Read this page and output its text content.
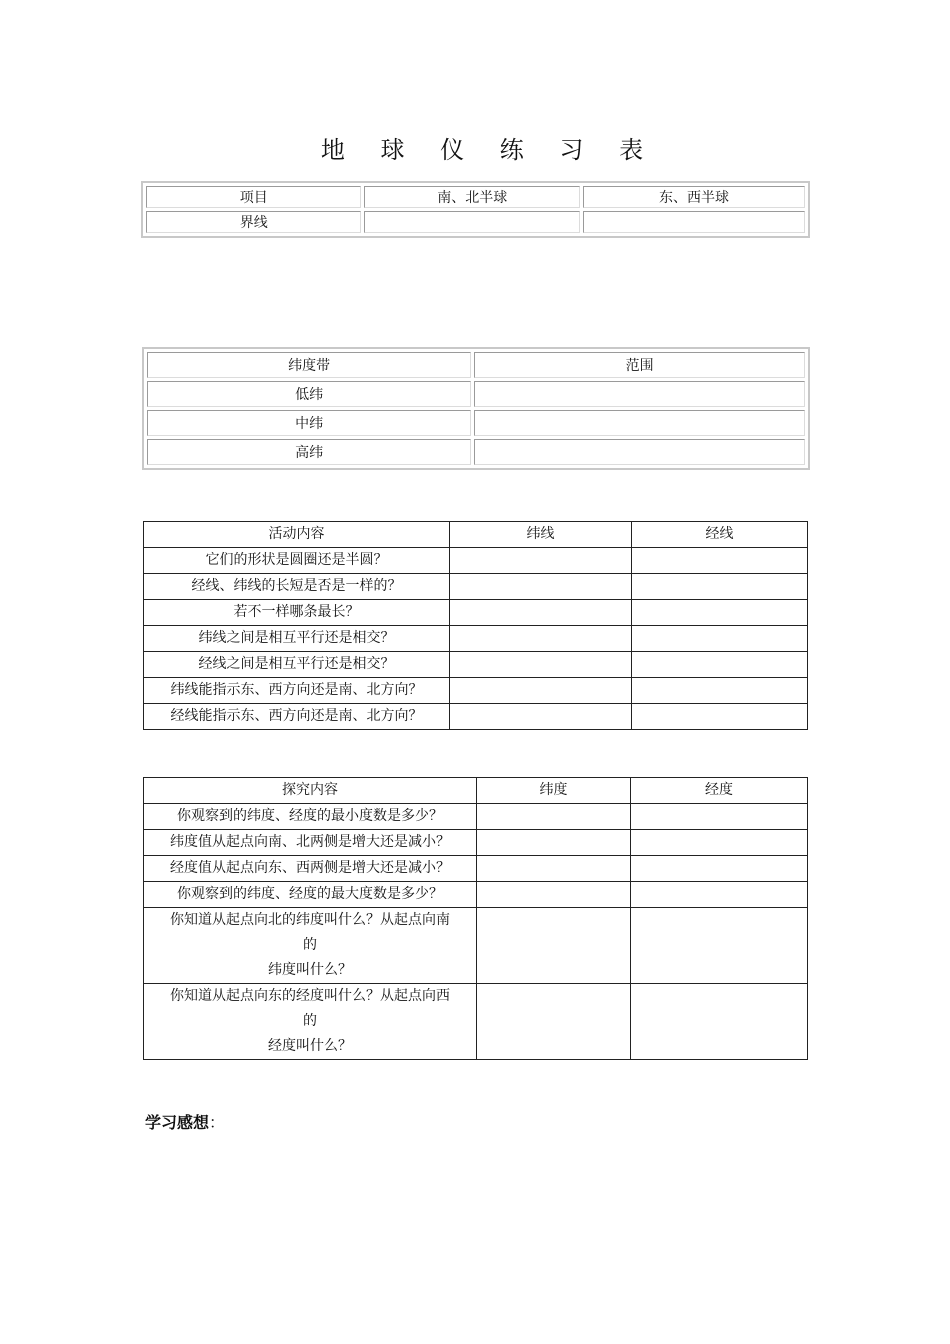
地 球 仪 练 习 表
项目	南、北半球	东、西半球
界线		
纬度带	范围
低纬	
中纬	
高纬	
活动内容	纬线	经线
它们的形状是圆圈还是半圆？		
经线、纬线的长短是否是一样的？		
若不一样哪条最长？		
纬线之间是相互平行还是相交？		
经线之间是相互平行还是相交？		
纬线能指示东、西方向还是南、北方向？		
经线能指示东、西方向还是南、北方向？		
探究内容	纬度	经度
你观察到的纬度、经度的最小度数是多少？		
纬度值从起点向南、北两侧是增大还是减小？		
经度值从起点向东、西两侧是增大还是减小？		
你观察到的纬度、经度的最大度数是多少？		

你知道从起点向北的纬度叫什么？从起点向南
的
纬度叫什么？		

你知道从起点向东的经度叫什么？从起点向西
的
经度叫什么？		

学习感想：
